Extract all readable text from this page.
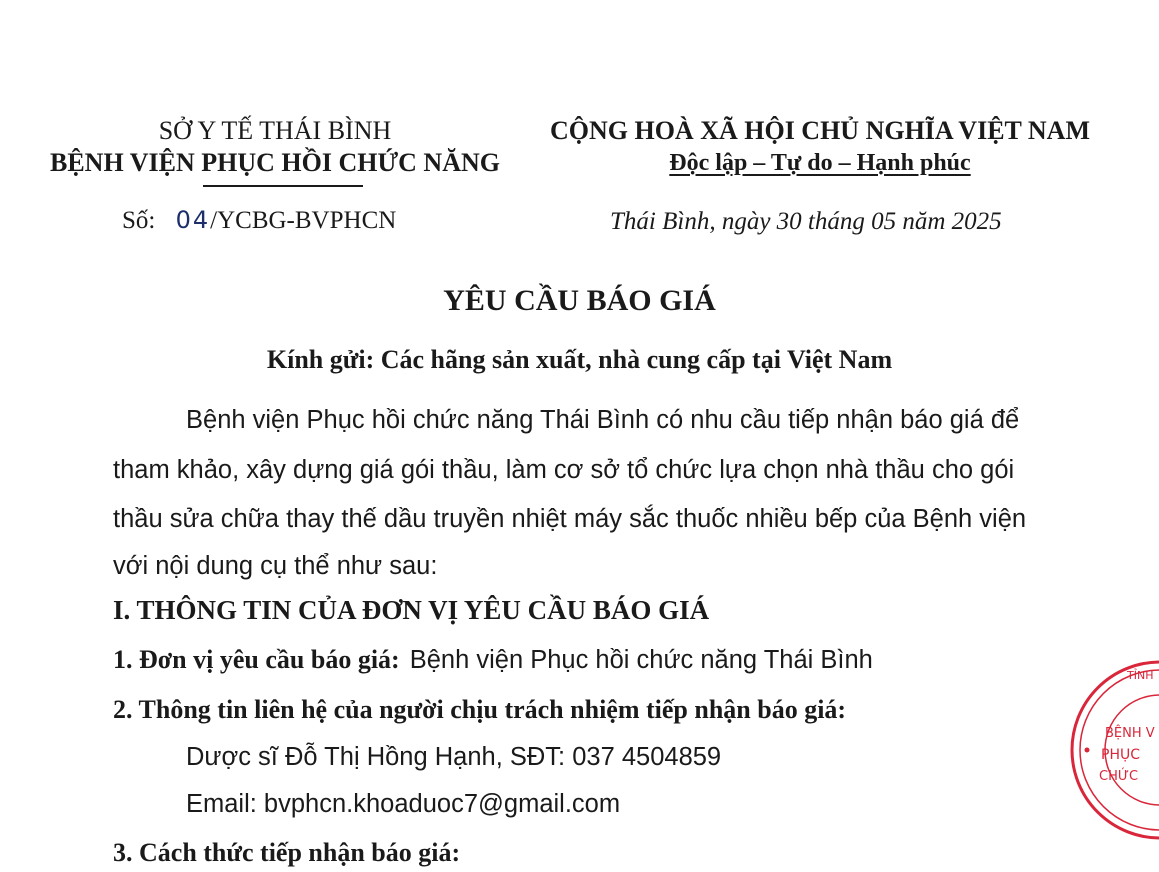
SỞ Y TẾ THÁI BÌNH
BỆNH VIỆN PHỤC HỒI CHỨC NĂNG
CỘNG HOÀ XÃ HỘI CHỦ NGHĨA VIỆT NAM
Độc lập – Tự do – Hạnh phúc
Số: 04/YCBG-BVPHCN	Thái Bình, ngày 30 tháng 05 năm 2025
YÊU CẦU BÁO GIÁ
Kính gửi: Các hãng sản xuất, nhà cung cấp tại Việt Nam
Bệnh viện Phục hồi chức năng Thái Bình có nhu cầu tiếp nhận báo giá để
tham khảo, xây dựng giá gói thầu, làm cơ sở tổ chức lựa chọn nhà thầu cho gói
thầu sửa chữa thay thế dầu truyền nhiệt máy sắc thuốc nhiều bếp của Bệnh viện
với nội dung cụ thể như sau:
I. THÔNG TIN CỦA ĐƠN VỊ YÊU CẦU BÁO GIÁ
1. Đơn vị yêu cầu báo giá: Bệnh viện Phục hồi chức năng Thái Bình
2. Thông tin liên hệ của người chịu trách nhiệm tiếp nhận báo giá:
Dược sĩ Đỗ Thị Hồng Hạnh, SĐT: 037 4504859
Email: bvphcn.khoaduoc7@gmail.com
3. Cách thức tiếp nhận báo giá:
TỈNH
BỆNH V
PHỤC
CHỨC
